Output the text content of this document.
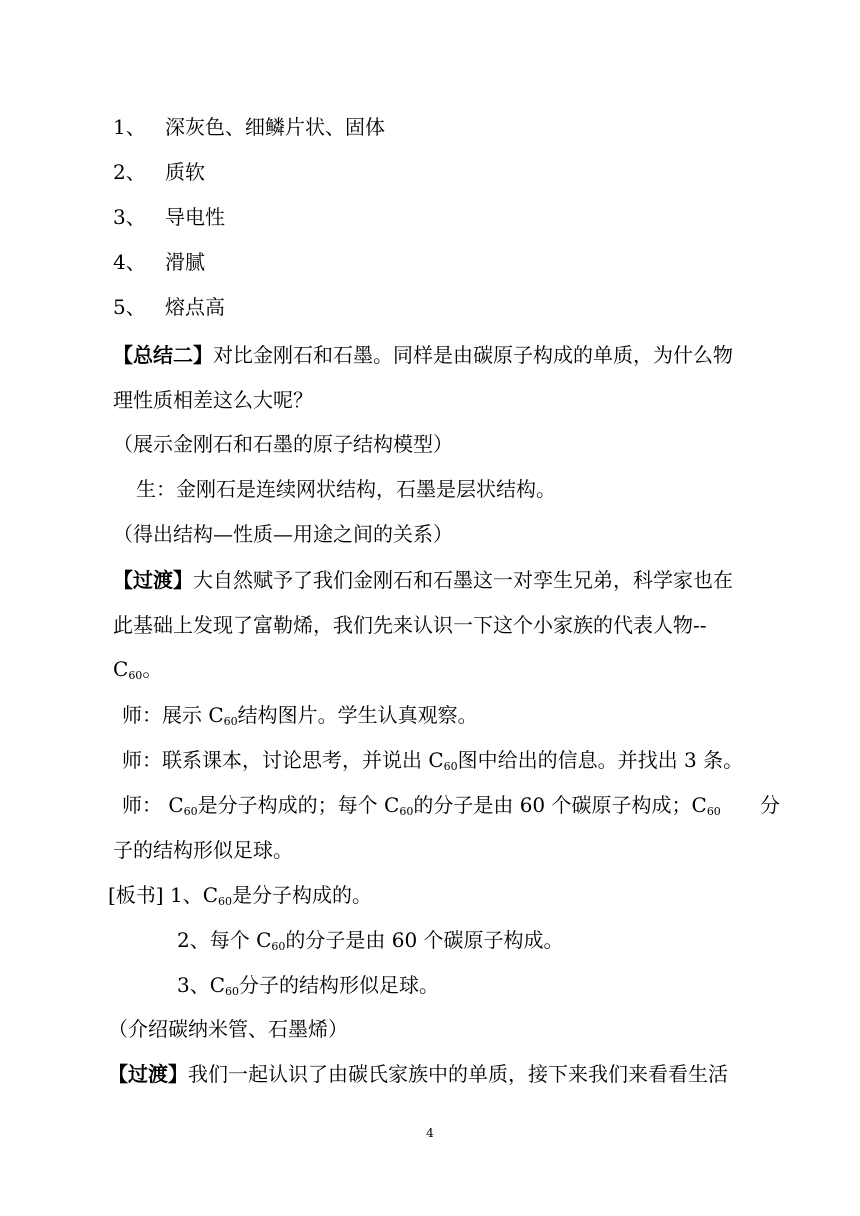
1、 深灰色、细鳞片状、固体
2、 质软
3、 导电性
4、 滑腻
5、 熔点高
【总结二】对比金刚石和石墨。同样是由碳原子构成的单质，为什么物
理性质相差这么大呢？
（展示金刚石和石墨的原子结构模型）
生：金刚石是连续网状结构，石墨是层状结构。
（得出结构—性质—用途之间的关系）
【过渡】大自然赋予了我们金刚石和石墨这一对孪生兄弟，科学家也在
此基础上发现了富勒烯，我们先来认识一下这个小家族的代表人物--
$C_{60}$。
师：展示 $C_{60}$结构图片。学生认真观察。
师：联系课本，讨论思考，并说出 $C_{60}$图中给出的信息。并找出 3 条。
师： $C_{60}$是分子构成的；每个 $C_{60}$的分子是由 60 个碳原子构成；$C_{60}$ 分
子的结构形似足球。
[板书] 1、$C_{60}$是分子构成的。
2、每个 $C_{60}$的分子是由 60 个碳原子构成。
3、$C_{60}$分子的结构形似足球。
（介绍碳纳米管、石墨烯）
【过渡】我们一起认识了由碳氏家族中的单质，接下来我们来看看生活
4
